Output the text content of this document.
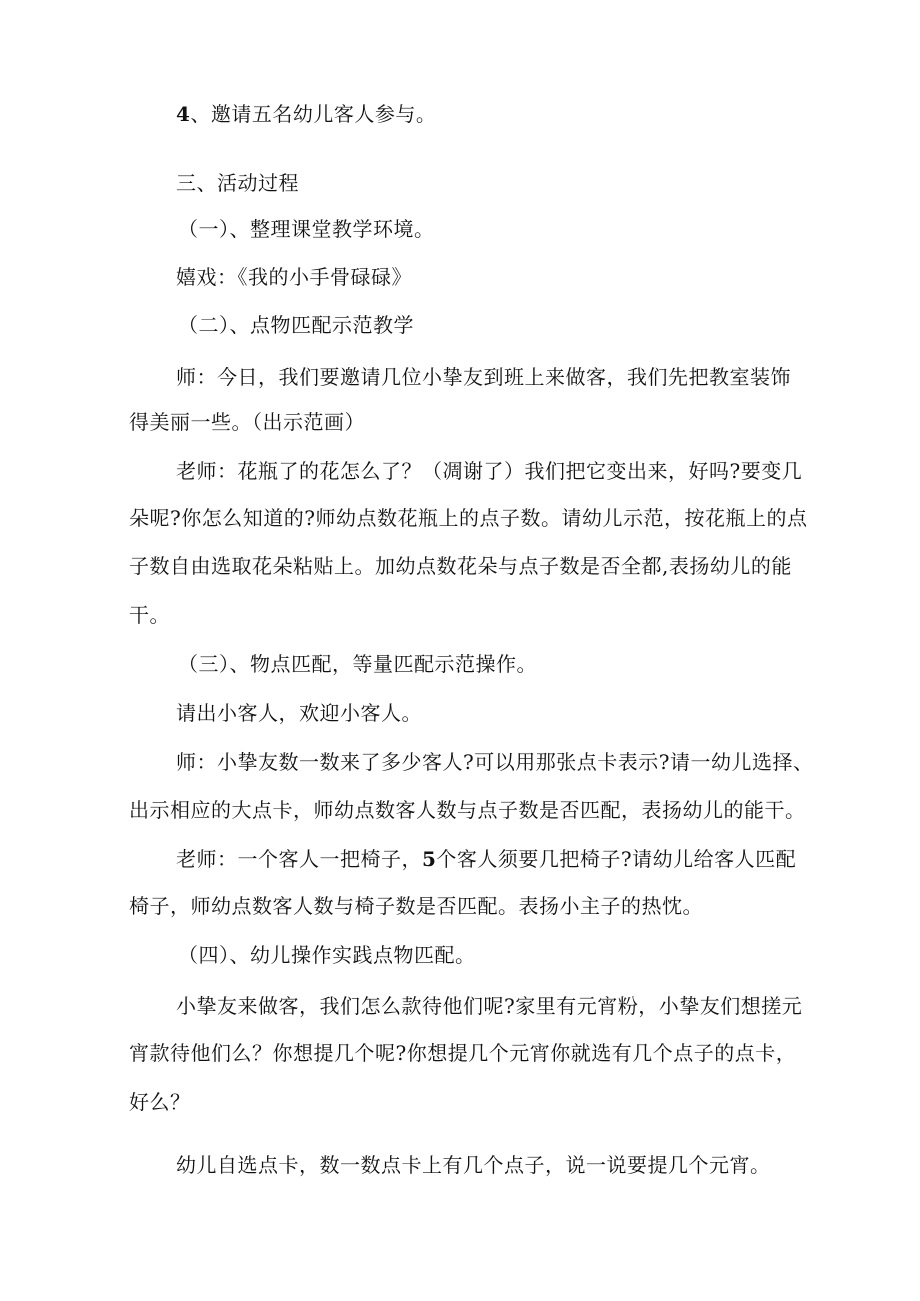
4、邀请五名幼儿客人参与。
三、活动过程
（一）、整理课堂教学环境。
嬉戏：《我的小手骨碌碌》
（二）、点物匹配示范教学
师：今日，我们要邀请几位小挚友到班上来做客，我们先把教室装饰
得美丽一些。（出示范画）
老师：花瓶了的花怎么了？（凋谢了）我们把它变出来，好吗?要变几
朵呢?你怎么知道的?师幼点数花瓶上的点子数。请幼儿示范，按花瓶上的点
子数自由选取花朵粘贴上。加幼点数花朵与点子数是否全都,表扬幼儿的能
干。
（三）、物点匹配，等量匹配示范操作。
请出小客人，欢迎小客人。
师：小挚友数一数来了多少客人?可以用那张点卡表示?请一幼儿选择、
出示相应的大点卡，师幼点数客人数与点子数是否匹配，表扬幼儿的能干。
老师：一个客人一把椅子，5个客人须要几把椅子?请幼儿给客人匹配
椅子，师幼点数客人数与椅子数是否匹配。表扬小主子的热忱。
（四）、幼儿操作实践点物匹配。
小挚友来做客，我们怎么款待他们呢?家里有元宵粉，小挚友们想搓元
宵款待他们么？你想提几个呢?你想提几个元宵你就选有几个点子的点卡，
好么？
幼儿自选点卡，数一数点卡上有几个点子，说一说要提几个元宵。
